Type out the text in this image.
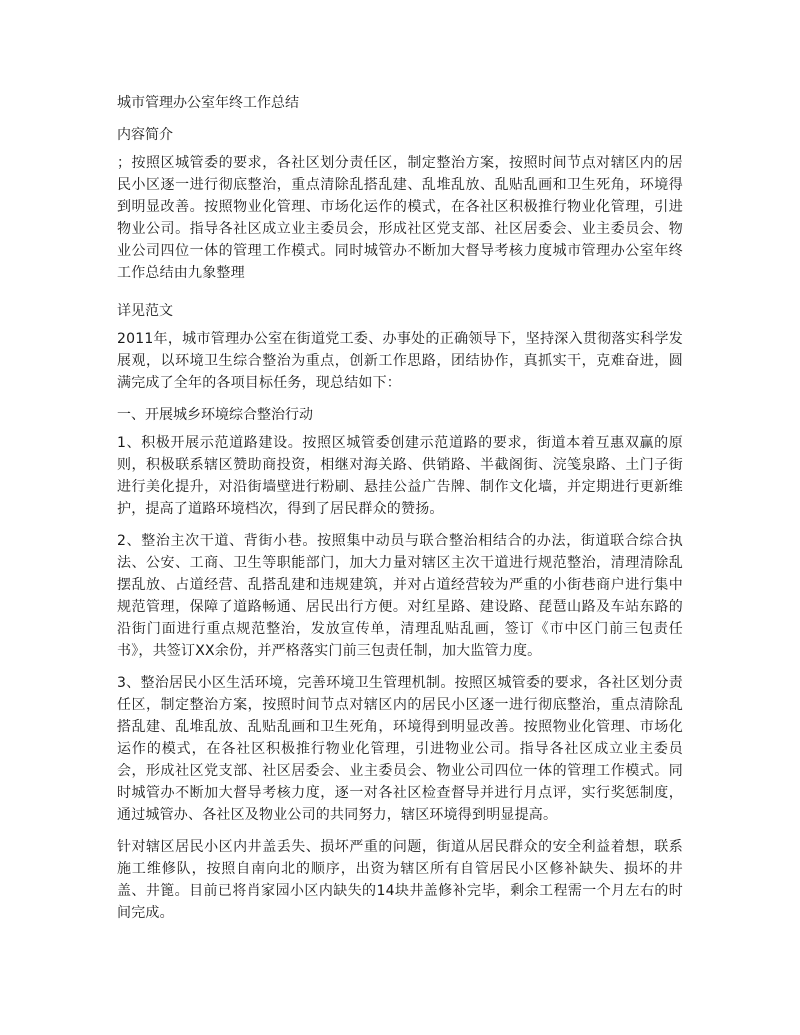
城市管理办公室年终工作总结

内容简介

；按照区城管委的要求，各社区划分责任区，制定整治方案，按照时间节点对辖区内的居民小区逐一进行彻底整治，重点清除乱搭乱建、乱堆乱放、乱贴乱画和卫生死角，环境得到明显改善。按照物业化管理、市场化运作的模式，在各社区积极推行物业化管理，引进物业公司。指导各社区成立业主委员会，形成社区党支部、社区居委会、业主委员会、物业公司四位一体的管理工作模式。同时城管办不断加大督导考核力度城市管理办公室年终工作总结由九象整理

详见范文

2011年，城市管理办公室在街道党工委、办事处的正确领导下，坚持深入贯彻落实科学发展观，以环境卫生综合整治为重点，创新工作思路，团结协作，真抓实干，克难奋进，圆满完成了全年的各项目标任务，现总结如下：

一、开展城乡环境综合整治行动

1、积极开展示范道路建设。按照区城管委创建示范道路的要求，街道本着互惠双赢的原则，积极联系辖区赞助商投资，相继对海关路、供销路、半截阁街、浣笺泉路、土门子街进行美化提升，对沿街墙壁进行粉刷、悬挂公益广告牌、制作文化墙，并定期进行更新维护，提高了道路环境档次，得到了居民群众的赞扬。

2、整治主次干道、背街小巷。按照集中动员与联合整治相结合的办法，街道联合综合执法、公安、工商、卫生等职能部门，加大力量对辖区主次干道进行规范整治，清理清除乱摆乱放、占道经营、乱搭乱建和违规建筑，并对占道经营较为严重的小街巷商户进行集中规范管理，保障了道路畅通、居民出行方便。对红星路、建设路、琵琶山路及车站东路的沿街门面进行重点规范整治，发放宣传单，清理乱贴乱画，签订《市中区门前三包责任书》，共签订XX余份，并严格落实门前三包责任制，加大监管力度。

3、整治居民小区生活环境，完善环境卫生管理机制。按照区城管委的要求，各社区划分责任区，制定整治方案，按照时间节点对辖区内的居民小区逐一进行彻底整治，重点清除乱搭乱建、乱堆乱放、乱贴乱画和卫生死角，环境得到明显改善。按照物业化管理、市场化运作的模式，在各社区积极推行物业化管理，引进物业公司。指导各社区成立业主委员会，形成社区党支部、社区居委会、业主委员会、物业公司四位一体的管理工作模式。同时城管办不断加大督导考核力度，逐一对各社区检查督导并进行月点评，实行奖惩制度，通过城管办、各社区及物业公司的共同努力，辖区环境得到明显提高。

针对辖区居民小区内井盖丢失、损坏严重的问题，街道从居民群众的安全利益着想，联系施工维修队，按照自南向北的顺序，出资为辖区所有自管居民小区修补缺失、损坏的井盖、井篦。目前已将肖家园小区内缺失的14块井盖修补完毕，剩余工程需一个月左右的时间完成。
